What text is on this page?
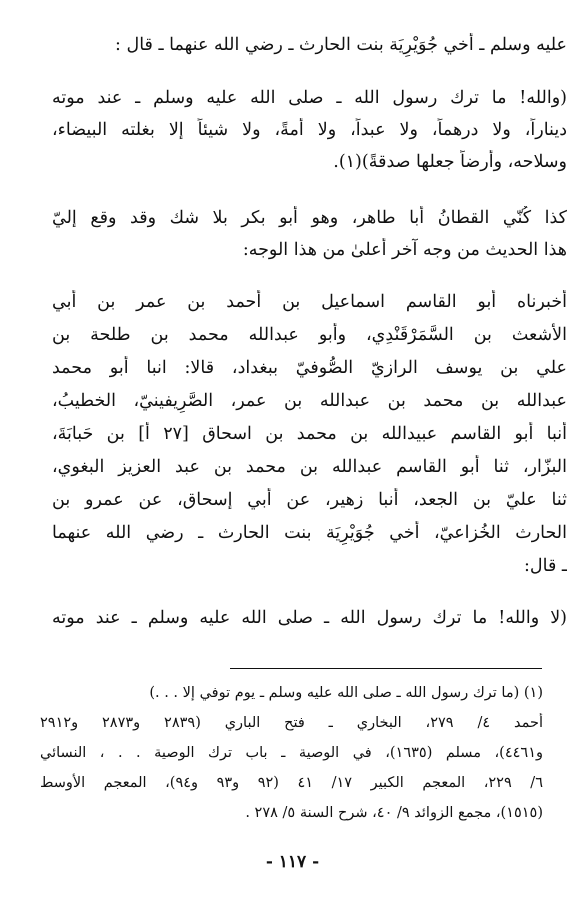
عليه وسلم ـ أخي جُوَيْرِيَة بنت الحارث ـ رضي الله عنهما ـ قال :
(والله! ما ترك رسول الله ـ صلى الله عليه وسلم ـ عند موته
ديناراً، ولا درهماً، ولا عبداً، ولا أمةً، ولا شيئاً إلا بغلته البيضاء،
وسلاحه، وأرضاً جعلها صدقةً)(١).
كذا كُنّي القطانُ أبا طاهر، وهو أبو بكر بلا شك وقد وقع إليّ
هذا الحديث من وجه آخر أعلىٰ من هذا الوجه:
أخبرناه أبو القاسم اسماعيل بن أحمد بن عمر بن أبي
الأشعث بن السَّمَرْقَنْدِي، وأبو عبدالله محمد بن طلحة بن
علي بن يوسف الرازيّ الصُّوفيّ ببغداد، قالا: انبا أبو محمد
عبدالله بن محمد بن عبدالله بن عمر، الصَّرِيفينيّ، الخطيبُ،
أنبا أبو القاسم عبيدالله بن محمد بن اسحاق [٢٧ أ] بن حَبابَةَ،
البزّار، ثنا أبو القاسم عبدالله بن محمد بن عبد العزيز البغوي،
ثنا عليّ بن الجعد، أنبا زهير، عن أبي إسحاق، عن عمرو بن
الحارث الخُزاعيّ، أخي جُوَيْرِيَة بنت الحارث ـ رضي الله عنهما
ـ قال:
(لا والله! ما ترك رسول الله ـ صلى الله عليه وسلم ـ عند موته
(١) (ما ترك رسول الله ـ صلى الله عليه وسلم ـ يوم توفي إلا . . .)
أحمد ٤/ ٢٧٩، البخاري ـ فتح الباري (٢٨٣٩ و٢٨٧٣ و٢٩١٢
و٤٤٦١)، مسلم (١٦٣٥)، في الوصية ـ باب ترك الوصية . . ، النسائي
٦/ ٢٢٩، المعجم الكبير ١٧/ ٤١ (٩٢ و٩٣ و٩٤)، المعجم الأوسط
(١٥١٥)، مجمع الزوائد ٩/ ٤٠، شرح السنة ٥/ ٢٧٨ .
- ١١٧ -
